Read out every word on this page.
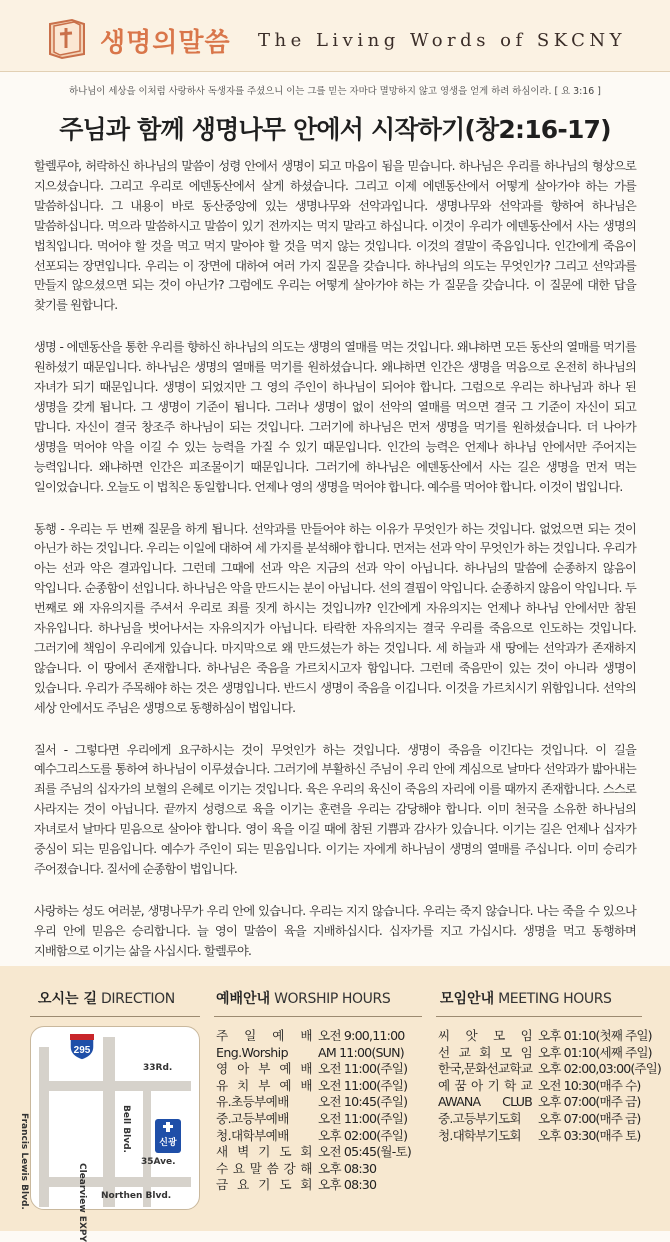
생명의말씀 The Living Words of SKCNY
하나님이 세상을 이처럼 사랑하사 독생자를 주셨으니 이는 그를 믿는 자마다 멸망하지 않고 영생을 얻게 하려 하심이라. [ 요 3:16 ]
주님과 함께 생명나무 안에서 시작하기(창2:16-17)

할렐루야, 허락하신 하나님의 말씀이 성령 안에서 생명이 되고 마음이 됨을 믿습니다. 하나님은 우리를 하나님의 형상으로 지으셨습니다. 그리고 우리로 에덴동산에서 살게 하셨습니다. 그리고 이제 에덴동산에서 어떻게 살아가야 하는 가를 말씀하십니다. 그 내용이 바로 동산중앙에 있는 생명나무와 선악과입니다. 생명나무와 선악과를 향하여 하나님은 말씀하십니다. 먹으라 말씀하시고 말씀이 있기 전까지는 먹지 말라고 하십니다. 이것이 우리가 에덴동산에서 사는 생명의 법칙입니다. 먹어야 할 것을 먹고 먹지 말아야 할 것을 먹지 않는 것입니다. 이것의 결말이 죽음입니다. 인간에게 죽음이 선포되는 장면입니다. 우리는 이 장면에 대하여 여러 가지 질문을 갖습니다. 하나님의 의도는 무엇인가? 그리고 선악과를 만들지 않으셨으면 되는 것이 아닌가? 그럼에도 우리는 어떻게 살아가야 하는 가 질문을 갖습니다. 이 질문에 대한 답을 찾기를 원합니다.

생명 - 에덴동산을 통한 우리를 향하신 하나님의 의도는 생명의 열매를 먹는 것입니다. 왜냐하면 모든 동산의 열매를 먹기를 원하셨기 때문입니다. 하나님은 생명의 열매를 먹기를 원하셨습니다. 왜냐하면 인간은 생명을 먹음으로 온전히 하나님의 자녀가 되기 때문입니다. 생명이 되었지만 그 영의 주인이 하나님이 되어야 합니다. 그럼으로 우리는 하나님과 하나 된 생명을 갖게 됩니다. 그 생명이 기준이 됩니다. 그러나 생명이 없이 선악의 열매를 먹으면 결국 그 기준이 자신이 되고 맙니다. 자신이 결국 창조주 하나님이 되는 것입니다. 그러기에 하나님은 먼저 생명을 먹기를 원하셨습니다. 더 나아가 생명을 먹어야 악을 이길 수 있는 능력을 가질 수 있기 때문입니다. 인간의 능력은 언제나 하나님 안에서만 주어지는 능력입니다. 왜냐하면 인간은 피조물이기 때문입니다. 그러기에 하나님은 에덴동산에서 사는 길은 생명을 먼저 먹는 일이었습니다. 오늘도 이 법칙은 동일합니다. 언제나 영의 생명을 먹어야 합니다. 예수를 먹어야 합니다. 이것이 법입니다.

동행 - 우리는 두 번째 질문을 하게 됩니다. 선악과를 만들어야 하는 이유가 무엇인가 하는 것입니다. 없었으면 되는 것이 아닌가 하는 것입니다. 우리는 이일에 대하여 세 가지를 분석해야 합니다. 먼저는 선과 악이 무엇인가 하는 것입니다. 우리가 아는 선과 악은 결과입니다. 그런데 그때에 선과 악은 지금의 선과 악이 아닙니다. 하나님의 말씀에 순종하지 않음이 악입니다. 순종함이 선입니다. 하나님은 악을 만드시는 분이 아닙니다. 선의 결핍이 악입니다. 순종하지 않음이 악입니다. 두 번째로 왜 자유의지를 주셔서 우리로 죄를 짓게 하시는 것입니까? 인간에게 자유의지는 언제나 하나님 안에서만 참된 자유입니다. 하나님을 벗어나서는 자유의지가 아닙니다. 타락한 자유의지는 결국 우리를 죽음으로 인도하는 것입니다. 그러기에 책임이 우리에게 있습니다. 마지막으로 왜 만드셨는가 하는 것입니다. 세 하늘과 새 땅에는 선악과가 존재하지 않습니다. 이 땅에서 존재합니다. 하나님은 죽음을 가르치시고자 함입니다. 그런데 죽음만이 있는 것이 아니라 생명이 있습니다. 우리가 주목해야 하는 것은 생명입니다. 반드시 생명이 죽음을 이깁니다. 이것을 가르치시기 위함입니다. 선악의 세상 안에서도 주님은 생명으로 동행하심이 법입니다.

질서 - 그렇다면 우리에게 요구하시는 것이 무엇인가 하는 것입니다. 생명이 죽음을 이긴다는 것입니다. 이 길을 예수그리스도를 통하여 하나님이 이루셨습니다. 그러기에 부활하신 주님이 우리 안에 계심으로 날마다 선악과가 밟아내는 죄를 주님의 십자가의 보혈의 은혜로 이기는 것입니다. 육은 우리의 육신이 죽음의 자리에 이를 때까지 존재합니다. 스스로 사라지는 것이 아닙니다. 끝까지 성령으로 육을 이기는 훈련을 우리는 감당해야 합니다. 이미 천국을 소유한 하나님의 자녀로서 날마다 믿음으로 살아야 합니다. 영이 육을 이길 때에 참된 기쁨과 감사가 있습니다. 이기는 길은 언제나 십자가 중심이 되는 믿음입니다. 예수가 주인이 되는 믿음입니다. 이기는 자에게 하나님이 생명의 열매를 주십니다. 이미 승리가 주어졌습니다. 질서에 순종함이 법입니다.

사랑하는 성도 여러분, 생명나무가 우리 안에 있습니다. 우리는 지지 않습니다. 우리는 죽지 않습니다. 나는 죽을 수 있으나 우리 안에 믿음은 승리합니다. 늘 영이 말씀이 육을 지배하십시다. 십자가를 지고 가십시다. 생명을 먹고 동행하며 지배함으로 이기는 삶을 사십시다. 할렐루야.

오시는 길 DIRECTION	예배안내 WORSHIP HOURS	모임안내 MEETING HOURS
295
33Rd.
35Ave.
Northen Blvd.
Clearview EXPY
Francis Lewis Blvd.	Bell Blvd.	신광
주 일 예 배 오전 9:00,11:00
Eng.Worship	AM 11:00(SUN)
영 아 부 예 배 오전 11:00(주일)
유 치 부 예 배 오전 11:00(주일)
유.초등부예배	오전 10:45(주일)
중.고등부예배	오전 11:00(주일)
청.대학부예배	오후 02:00(주일)
새 벽 기 도 회 오전 05:45(월-토)
수 요 말 씀 강 해 오후 08:30
금 요 기 도 회 오후 08:30
씨 앗 모 임 오후 01:10(첫째 주일)
선 교 회 모 임 오후 01:10(세째 주일)
한국,문화선교학교 오후 02:00,03:00(주일)
예 꿈 아 기 학 교 오전 10:30(매주 수)
AWANA CLUB 오후 07:00(매주 금)
중.고등부기도회	오후 07:00(매주 금)
청.대학부기도회	오후 03:30(매주 토)
